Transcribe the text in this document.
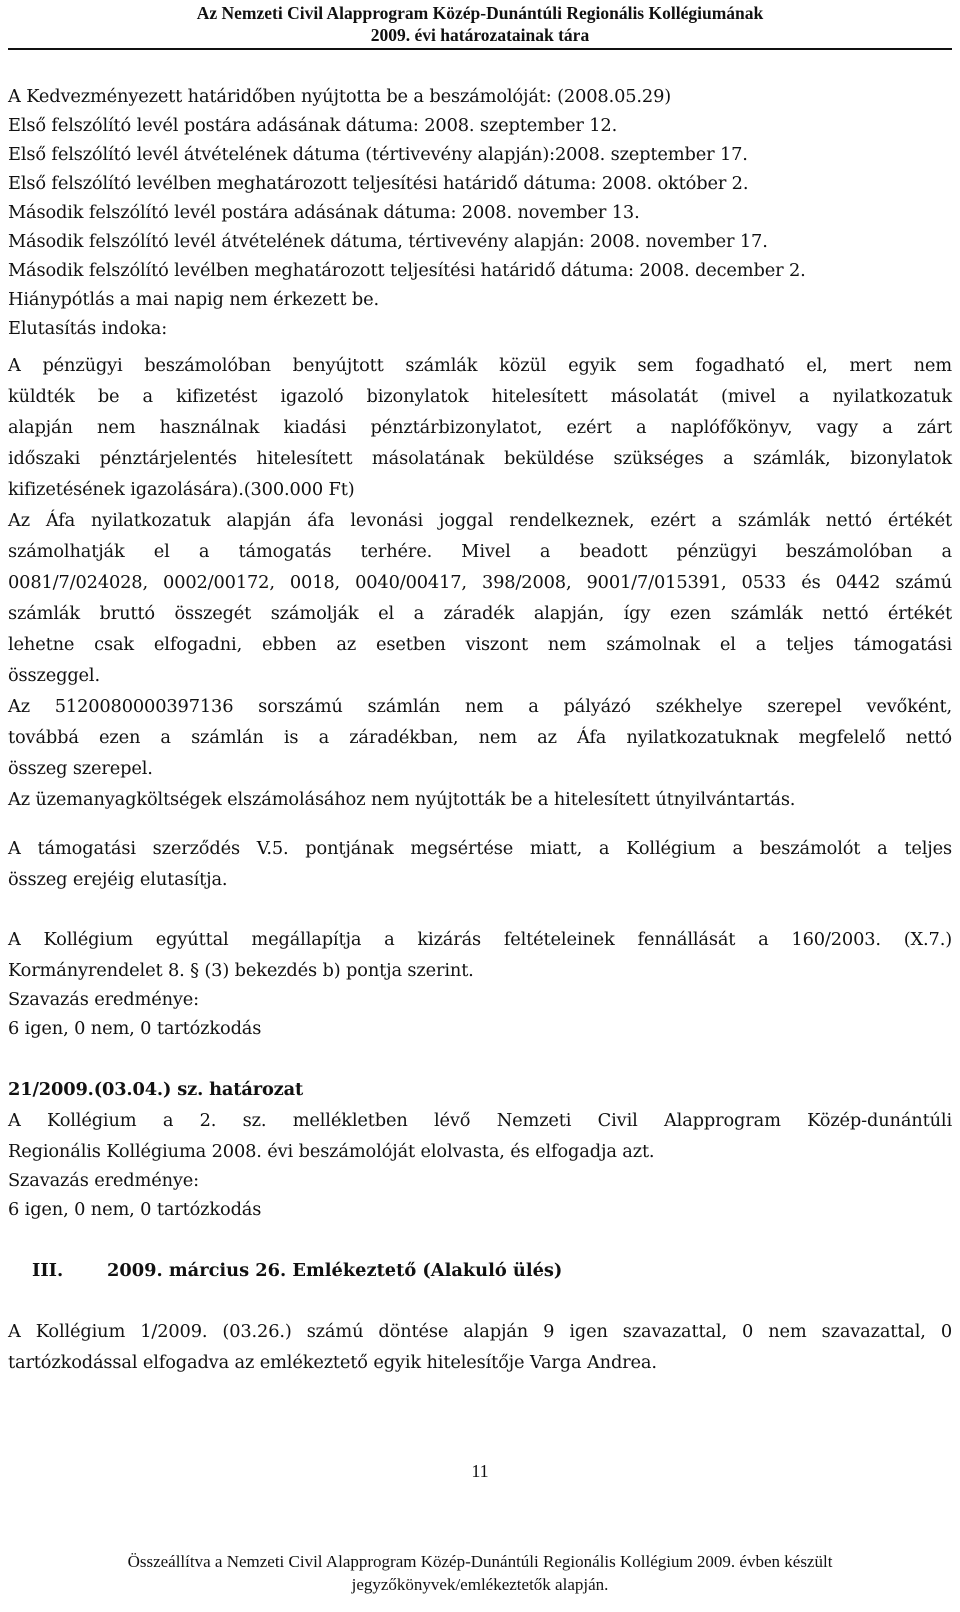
Az Nemzeti Civil Alapprogram Közép-Dunántúli Regionális Kollégiumának
2009. évi határozatainak tára
A Kedvezményezett határidőben nyújtotta be a beszámolóját: (2008.05.29)
Első felszólító levél postára adásának dátuma: 2008. szeptember 12.
Első felszólító levél átvételének dátuma (tértivevény alapján):2008. szeptember 17.
Első felszólító levélben meghatározott teljesítési határidő dátuma: 2008. október 2.
Második felszólító levél postára adásának dátuma: 2008. november 13.
Második felszólító levél átvételének dátuma, tértivevény alapján: 2008. november 17.
Második felszólító levélben meghatározott teljesítési határidő dátuma: 2008. december 2.
Hiánypótlás a mai napig nem érkezett be.
Elutasítás indoka:
A pénzügyi beszámolóban benyújtott számlák közül egyik sem fogadható el, mert nem
küldték be a kifizetést igazoló bizonylatok hitelesített másolatát (mivel a nyilatkozatuk
alapján nem használnak kiadási pénztárbizonylatot, ezért a naplófőkönyv, vagy a zárt
időszaki pénztárjelentés hitelesített másolatának beküldése szükséges a számlák, bizonylatok
kifizetésének igazolására).(300.000 Ft)
Az Áfa nyilatkozatuk alapján áfa levonási joggal rendelkeznek, ezért a számlák nettó értékét
számolhatják el a támogatás terhére. Mivel a beadott pénzügyi beszámolóban a
0081/7/024028, 0002/00172, 0018, 0040/00417, 398/2008, 9001/7/015391, 0533 és 0442 számú
számlák bruttó összegét számolják el a záradék alapján, így ezen számlák nettó értékét
lehetne csak elfogadni, ebben az esetben viszont nem számolnak el a teljes támogatási
összeggel.
Az 5120080000397136 sorszámú számlán nem a pályázó székhelye szerepel vevőként,
továbbá ezen a számlán is a záradékban, nem az Áfa nyilatkozatuknak megfelelő nettó
összeg szerepel.
Az üzemanyagköltségek elszámolásához nem nyújtották be a hitelesített útnyilvántartás.
A támogatási szerződés V.5. pontjának megsértése miatt, a Kollégium a beszámolót a teljes
összeg erejéig elutasítja.
A Kollégium egyúttal megállapítja a kizárás feltételeinek fennállását a 160/2003. (X.7.)
Kormányrendelet 8. § (3) bekezdés b) pontja szerint.
Szavazás eredménye:
6 igen, 0 nem, 0 tartózkodás
21/2009.(03.04.) sz. határozat
A Kollégium a 2. sz. mellékletben lévő Nemzeti Civil Alapprogram Közép-dunántúli
Regionális Kollégiuma 2008. évi beszámolóját elolvasta, és elfogadja azt.
Szavazás eredménye:
6 igen, 0 nem, 0 tartózkodás
III. 2009. március 26. Emlékeztető (Alakuló ülés)
A Kollégium 1/2009. (03.26.) számú döntése alapján 9 igen szavazattal, 0 nem szavazattal, 0
tartózkodással elfogadva az emlékeztető egyik hitelesítője Varga Andrea.
11
Összeállítva a Nemzeti Civil Alapprogram Közép-Dunántúli Regionális Kollégium 2009. évben készült
jegyzőkönyvek/emlékeztetők alapján.
